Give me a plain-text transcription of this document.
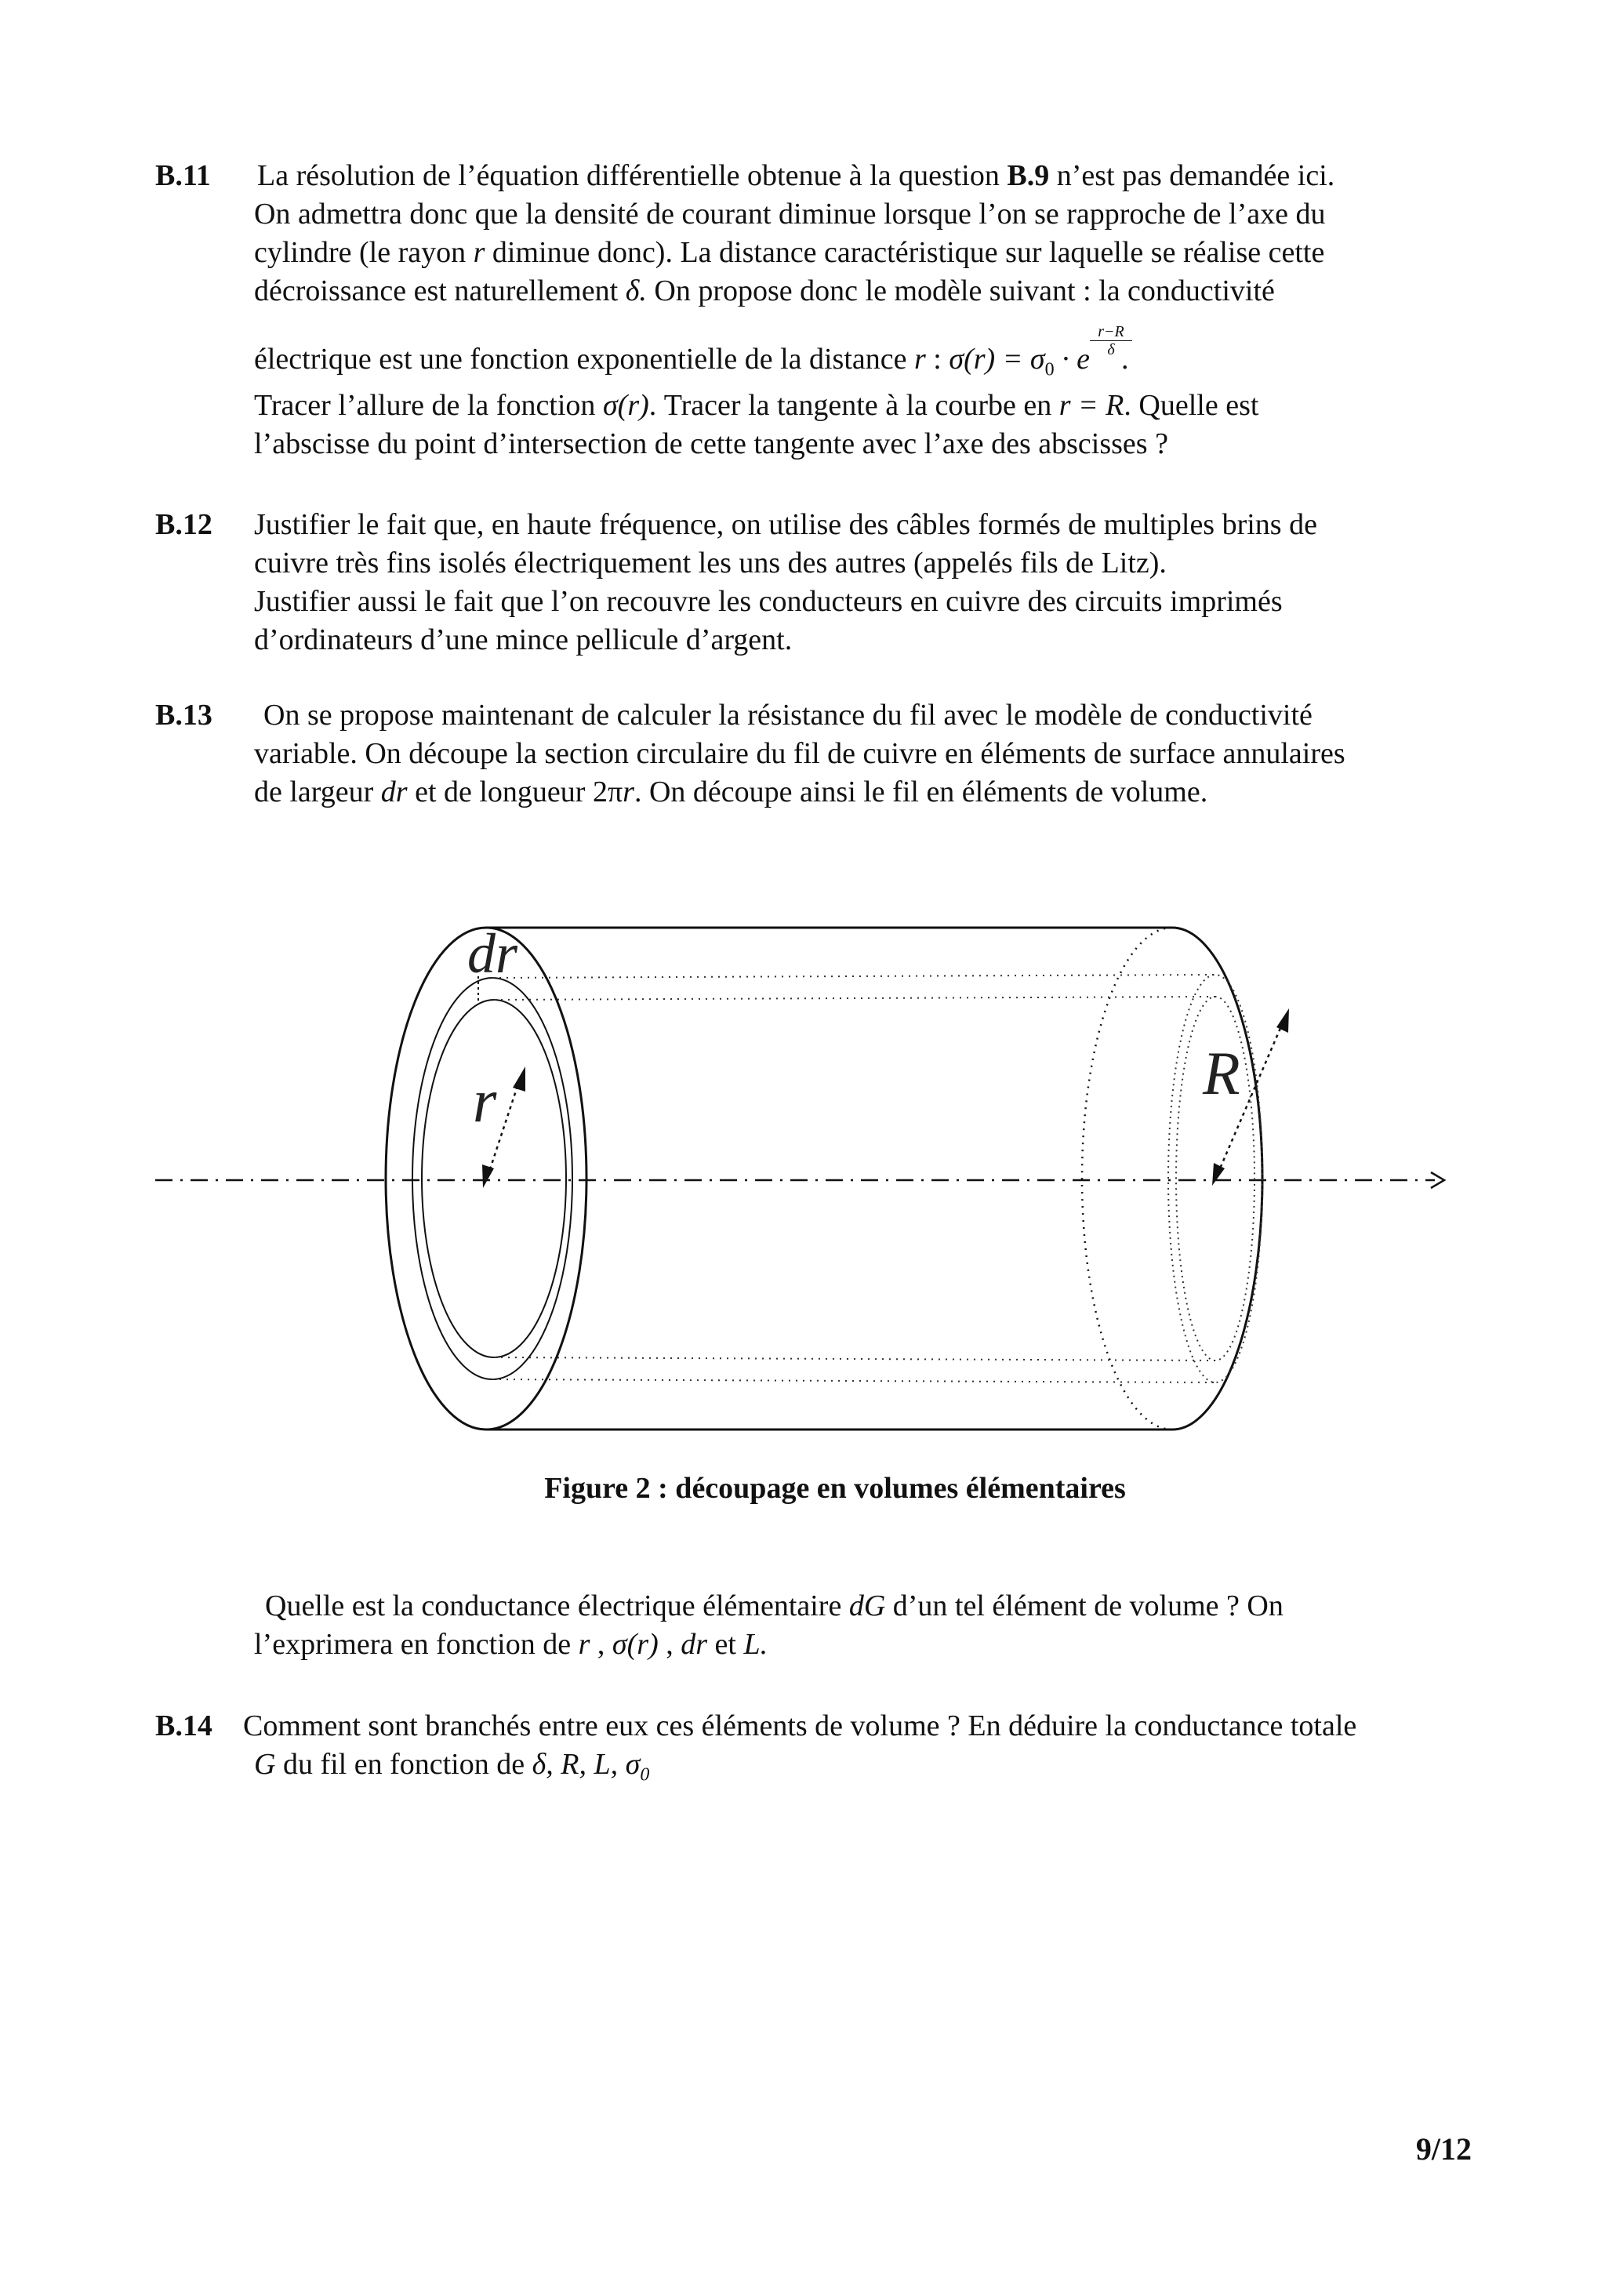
B.11 La résolution de l’équation différentielle obtenue à la question B.9 n’est pas demandée ici.
On admettra donc que la densité de courant diminue lorsque l’on se rapproche de l’axe du
cylindre (le rayon r diminue donc). La distance caractéristique sur laquelle se réalise cette
décroissance est naturellement δ. On propose donc le modèle suivant : la conductivité
électrique est une fonction exponentielle de la distance r : $\sigma(r) = \sigma_0 \cdot e$
$\frac{r-R}{\delta}$
.
Tracer l’allure de la fonction σ(r). Tracer la tangente à la courbe en r = R. Quelle est
l’abscisse du point d’intersection de cette tangente avec l’axe des abscisses ?
B.12 Justifier le fait que, en haute fréquence, on utilise des câbles formés de multiples brins de
cuivre très fins isolés électriquement les uns des autres (appelés fils de Litz).
Justifier aussi le fait que l’on recouvre les conducteurs en cuivre des circuits imprimés
d’ordinateurs d’une mince pellicule d’argent.
B.13	On se propose maintenant de calculer la résistance du fil avec le modèle de conductivité
variable. On découpe la section circulaire du fil de cuivre en éléments de surface annulaires
de largeur dr et de longueur 2πr. On découpe ainsi le fil en éléments de volume.
dr
r	R
Figure 2 : découpage en volumes élémentaires
Quelle est la conductance électrique élémentaire dG d’un tel élément de volume ? On
l’exprimera en fonction de r , σ(r) , dr et L.
B.14 Comment sont branchés entre eux ces éléments de volume ? En déduire la conductance totale
G du fil en fonction de δ, R, L, $\sigma_0$
9/12
